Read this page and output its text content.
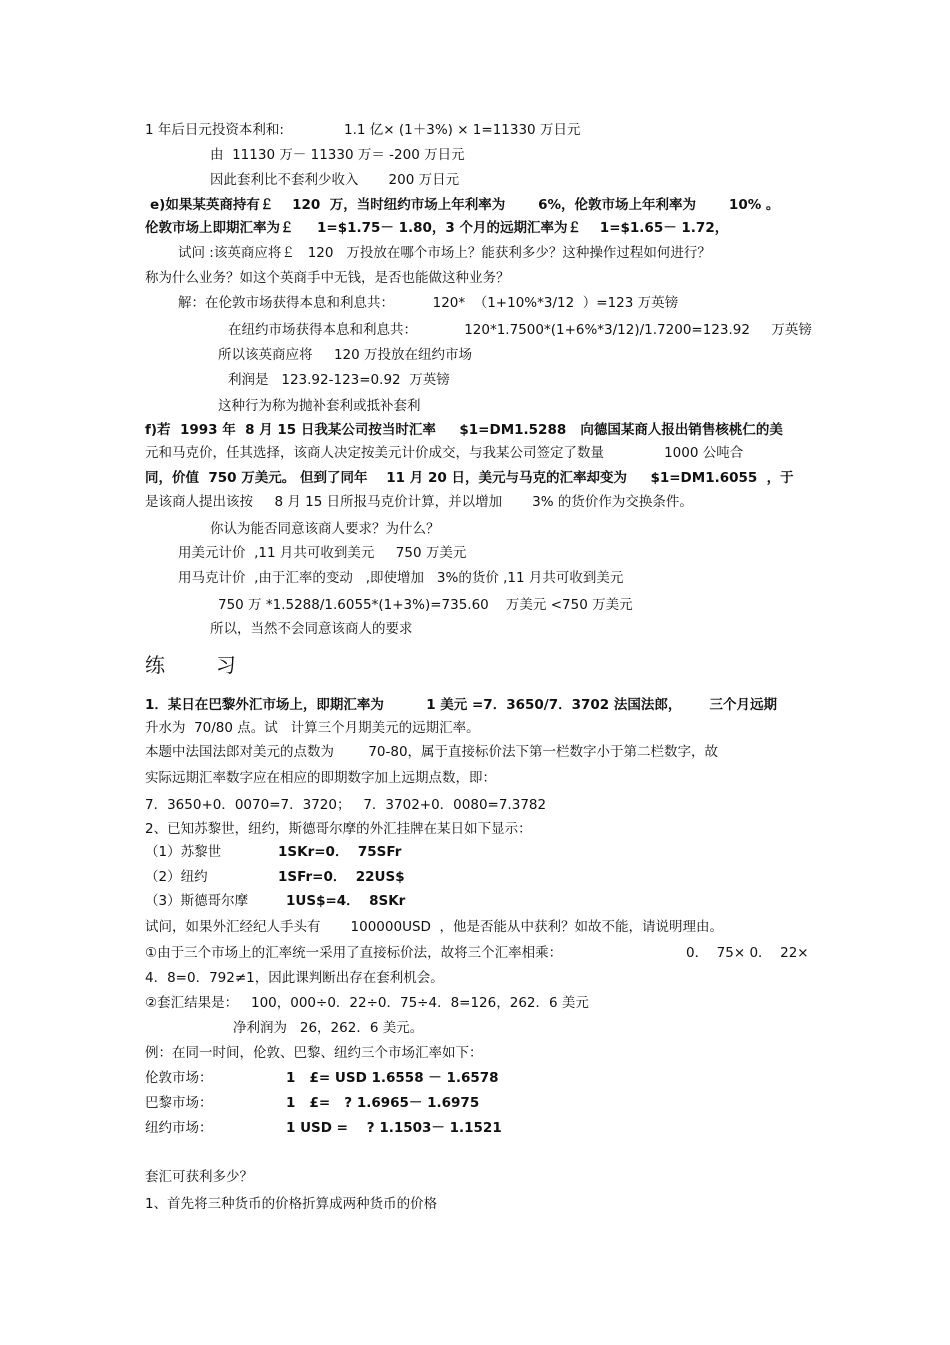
1 年后日元投资本利和:              1.1 亿× (1＋3%) × 1=11330 万日元
由  11130 万－ 11330 万＝ -200 万日元
因此套利比不套利少收入       200 万日元
e)如果某英商持有￡    120  万，当时纽约市场上年利率为       6%，伦敦市场上年利率为       10% 。
伦敦市场上即期汇率为￡     1=$1.75－ 1.80，3 个月的远期汇率为￡    1=$1.65－ 1.72，
试问 :该英商应将￡   120   万投放在哪个市场上？能获利多少？这种操作过程如何进行？
称为什么业务？如这个英商手中无钱，是否也能做这种业务？
解：在伦敦市场获得本息和利息共：         120*  （1+10%*3/12  ）=123 万英镑
在纽约市场获得本息和利息共：           120*1.7500*(1+6%*3/12)/1.7200=123.92     万英镑
所以该英商应将     120 万投放在纽约市场
利润是   123.92-123=0.92  万英镑
这种行为称为抛补套利或抵补套利
f)若  1993 年  8 月 15 日我某公司按当时汇率     $1=DM1.5288   向德国某商人报出销售核桃仁的美
元和马克价，任其选择，该商人决定按美元计价成交，与我某公司签定了数量              1000 公吨合
同，价值  750 万美元。 但到了同年    11 月 20 日，美元与马克的汇率却变为     $1=DM1.6055  ，于
是该商人提出该按     8 月 15 日所报马克价计算，并以增加       3% 的货价作为交换条件。
你认为能否同意该商人要求？为什么？
用美元计价  ,11 月共可收到美元     750 万美元
用马克计价  ,由于汇率的变动   ,即使增加   3%的货价 ,11 月共可收到美元
750 万 *1.5288/1.6055*(1+3%)=735.60    万美元 <750 万美元
所以，当然不会同意该商人的要求
练        习
1．某日在巴黎外汇市场上，即期汇率为         1 美元 =7．3650/7．3702 法国法郎，      三个月远期
升水为  70/80 点。试   计算三个月期美元的远期汇率。
本题中法国法郎对美元的点数为        70-80，属于直接标价法下第一栏数字小于第二栏数字，故
实际远期汇率数字应在相应的即期数字加上远期点数，即：
7．3650+0．0070=7．3720；   7．3702+0．0080=7.3782
2、已知苏黎世，纽约，斯德哥尔摩的外汇挂牌在某日如下显示：
（1）苏黎世	1SKr=0．  75SFr
（2）纽约	1SFr=0．  22US$
（3）斯德哥尔摩	1US$=4．  8SKr
试问，如果外汇经纪人手头有       100000USD  ，他是否能从中获利？如故不能，请说明理由。
①由于三个市场上的汇率统一采用了直接标价法，故将三个汇率相乘：	0．  75× 0．  22×
4．8=0．792≠1，因此课判断出存在套利机会。
②套汇结果是：   100，000÷0．22÷0．75÷4．8=126，262．6 美元
净利润为   26，262．6 美元。
例：在同一时间，伦敦、巴黎、纽约三个市场汇率如下：
伦敦市场：	1   £= USD 1.6558 － 1.6578
巴黎市场：	1   £=   ? 1.6965－ 1.6975
纽约市场：	1 USD =    ? 1.1503－ 1.1521
套汇可获利多少？
1、首先将三种货币的价格折算成两种货币的价格
